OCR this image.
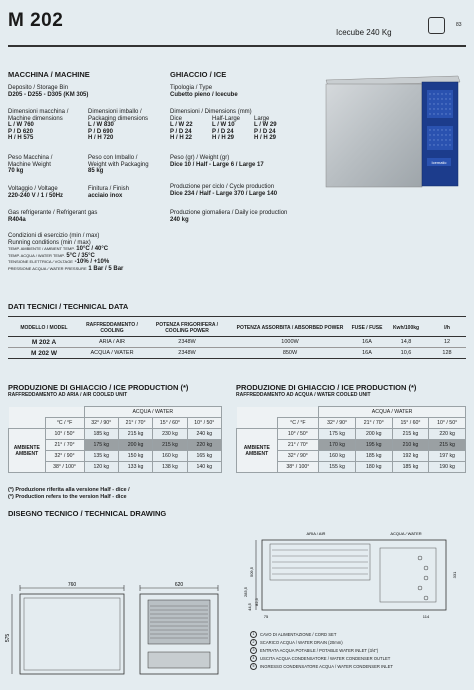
M 202
Icecube 240 Kg
83
MACCHINA / MACHINE
Deposito / Storage Bin
D205 - D255 - D305 (KM 305)
Dimensioni macchina /
Machine dimensions
L / W 760
P / D 620
H / H 575
Dimensioni imballo /
Packaging dimensions
L / W 830
P / D 690
H / H 720
Peso Macchina /
Machine Weight
70 kg
Peso con Imballo /
Weight with Packaging
85 kg
Voltaggio / Voltage
220-240 V / 1 / 50Hz
Finitura / Finish
acciaio inox
Gas refrigerante / Refrigerant gas
R404a
Condizioni di esercizio (min / max)
Running conditions (min / max)
TEMP. AMBIENTE / AMBIENT TEMP. 10°C / 40°C
TEMP. ACQUA / WATER TEMP. 5°C / 35°C
TENSIONE ELETTRICA / VOLTAGE -10% / +10%
PRESSIONE ACQUA / WATER PRESSURE 1 Bar / 5 Bar
GHIACCIO / ICE
Tipologia / Type
Cubetto pieno / Icecube
Dimensioni / Dimensions (mm)
Dice
L / W 22
P / D 24
H / H 22
Half-Large
L / W 10
P / D 24
H / H 29
Large
L / W 29
P / D 24
H / H 29
Peso (gr) / Weight (gr)
Dice 10 / Half - Large 6 / Large 17
Produzione per ciclo / Cycle production
Dice 234 / Half - Large 370 / Large 140
Produzione giornaliera / Daily ice production
240 kg
Icematic
DATI TECNICI / TECHNICAL DATA
MODELLO / MODEL	RAFFREDDAMENTO / COOLING	POTENZA FRIGORIFERA / COOLING POWER	POTENZA ASSORBITA / ABSORBED POWER	FUSE / FUSE	Kwh/100kg	l/h
M 202 A	ARIA / AIR	2348W	1000W	16A	14,8	12
M 202 W	ACQUA / WATER	2348W	850W	16A	10,6	128
PRODUZIONE DI GHIACCIO / ICE PRODUCTION (*)
RAFFREDDAMENTO AD ARIA / AIR COOLED UNIT
		ACQUA / WATER			
	°C / °F	32° / 90°	21° / 70°	15° / 60°	10° / 50°
AMBIENTE AMBIENT	10° / 50°	185 kg	215 kg	230 kg	240 kg
	21° / 70°	175 kg	200 kg	215 kg	220 kg
	32° / 90°	135 kg	150 kg	160 kg	165 kg
	38° / 100°	120 kg	133 kg	138 kg	140 kg
PRODUZIONE DI GHIACCIO / ICE PRODUCTION (*)
RAFFREDDAMENTO AD ACQUA / WATER COOLED UNIT
		ACQUA / WATER			
	°C / °F	32° / 90°	21° / 70°	15° / 60°	10° / 50°
AMBIENTE AMBIENT	10° / 50°	175 kg	200 kg	215 kg	220 kg
	21° / 70°	170 kg	195 kg	210 kg	215 kg
	32° / 90°	160 kg	185 kg	192 kg	197 kg
	38° / 100°	155 kg	180 kg	185 kg	190 kg
(*) Produzione riferita alla versione Half - dice /
(*) Production refers to the version Half - dice
DISEGNO TECNICO / TECHNICAL DRAWING
760
575
620
ARIA / AIR	ACQUA / WATER
509,5
283,5
82,5
44,5
75	114
331
1	CAVO DI ALIMENTAZIONE / CORD SET
2	SCARICO ACQUA / WATER DRAIN (20mm)
3	ENTRATA ACQUA POTABILE / POTABLE WATER INLET (3/4")
4	USCITA ACQUA CONDENSATORE / WATER CONDENSER OUTLET
5	INGRESSO CONDENSATORE ACQUA / WATER CONDENSER INLET
